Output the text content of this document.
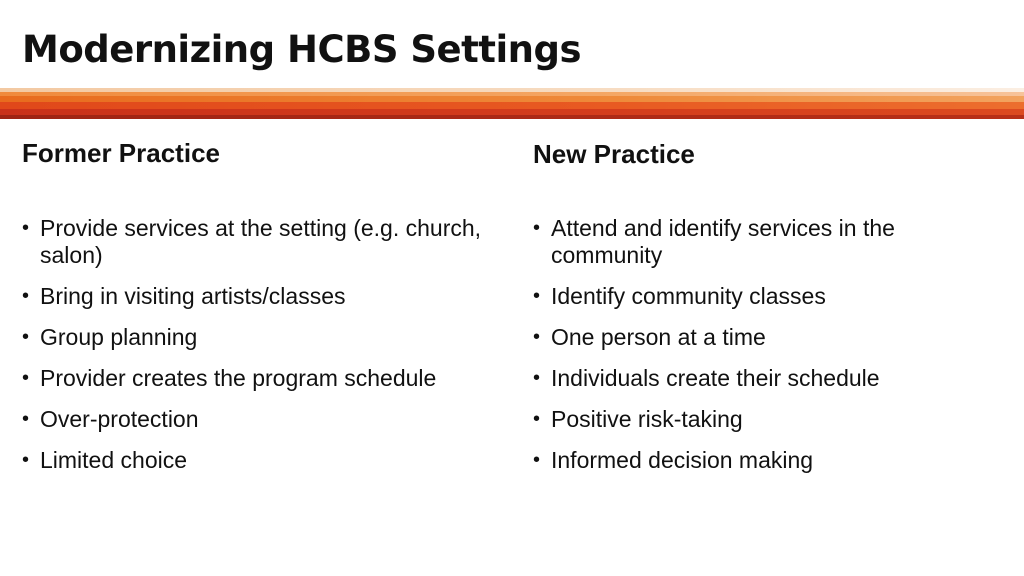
Modernizing HCBS Settings
Former Practice
• Provide services at the setting (e.g. church, salon)
• Bring in visiting artists/classes
• Group planning
• Provider creates the program schedule
• Over-protection
• Limited choice
New Practice
• Attend and identify services in the community
• Identify community classes
• One person at a time
• Individuals create their schedule
• Positive risk-taking
• Informed decision making
